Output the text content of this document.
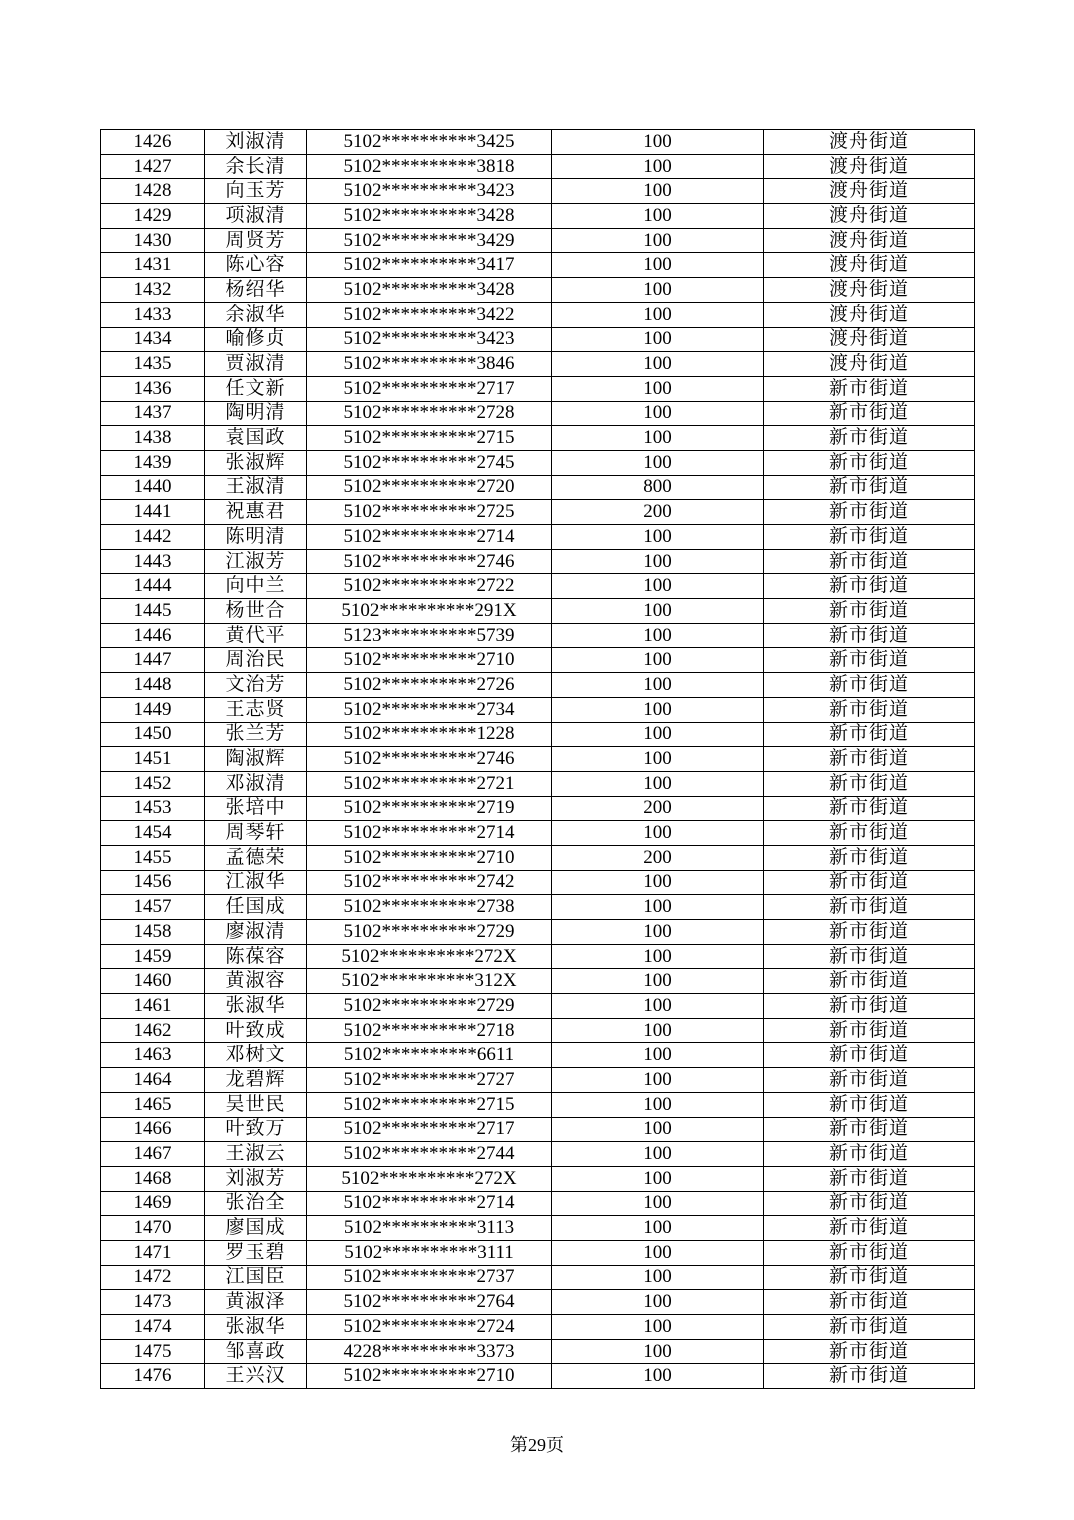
1426	刘淑清	5102**********3425	100	渡舟街道
1427	余长清	5102**********3818	100	渡舟街道
1428	向玉芳	5102**********3423	100	渡舟街道
1429	项淑清	5102**********3428	100	渡舟街道
1430	周贤芳	5102**********3429	100	渡舟街道
1431	陈心容	5102**********3417	100	渡舟街道
1432	杨绍华	5102**********3428	100	渡舟街道
1433	余淑华	5102**********3422	100	渡舟街道
1434	喻修贞	5102**********3423	100	渡舟街道
1435	贾淑清	5102**********3846	100	渡舟街道
1436	任文新	5102**********2717	100	新市街道
1437	陶明清	5102**********2728	100	新市街道
1438	袁国政	5102**********2715	100	新市街道
1439	张淑辉	5102**********2745	100	新市街道
1440	王淑清	5102**********2720	800	新市街道
1441	祝惠君	5102**********2725	200	新市街道
1442	陈明清	5102**********2714	100	新市街道
1443	江淑芳	5102**********2746	100	新市街道
1444	向中兰	5102**********2722	100	新市街道
1445	杨世合	5102**********291X	100	新市街道
1446	黄代平	5123**********5739	100	新市街道
1447	周治民	5102**********2710	100	新市街道
1448	文治芳	5102**********2726	100	新市街道
1449	王志贤	5102**********2734	100	新市街道
1450	张兰芳	5102**********1228	100	新市街道
1451	陶淑辉	5102**********2746	100	新市街道
1452	邓淑清	5102**********2721	100	新市街道
1453	张培中	5102**********2719	200	新市街道
1454	周琴轩	5102**********2714	100	新市街道
1455	孟德荣	5102**********2710	200	新市街道
1456	江淑华	5102**********2742	100	新市街道
1457	任国成	5102**********2738	100	新市街道
1458	廖淑清	5102**********2729	100	新市街道
1459	陈葆容	5102**********272X	100	新市街道
1460	黄淑容	5102**********312X	100	新市街道
1461	张淑华	5102**********2729	100	新市街道
1462	叶致成	5102**********2718	100	新市街道
1463	邓树文	5102**********6611	100	新市街道
1464	龙碧辉	5102**********2727	100	新市街道
1465	吴世民	5102**********2715	100	新市街道
1466	叶致万	5102**********2717	100	新市街道
1467	王淑云	5102**********2744	100	新市街道
1468	刘淑芳	5102**********272X	100	新市街道
1469	张治全	5102**********2714	100	新市街道
1470	廖国成	5102**********3113	100	新市街道
1471	罗玉碧	5102**********3111	100	新市街道
1472	江国臣	5102**********2737	100	新市街道
1473	黄淑泽	5102**********2764	100	新市街道
1474	张淑华	5102**********2724	100	新市街道
1475	邹喜政	4228**********3373	100	新市街道
1476	王兴汉	5102**********2710	100	新市街道
第29页
